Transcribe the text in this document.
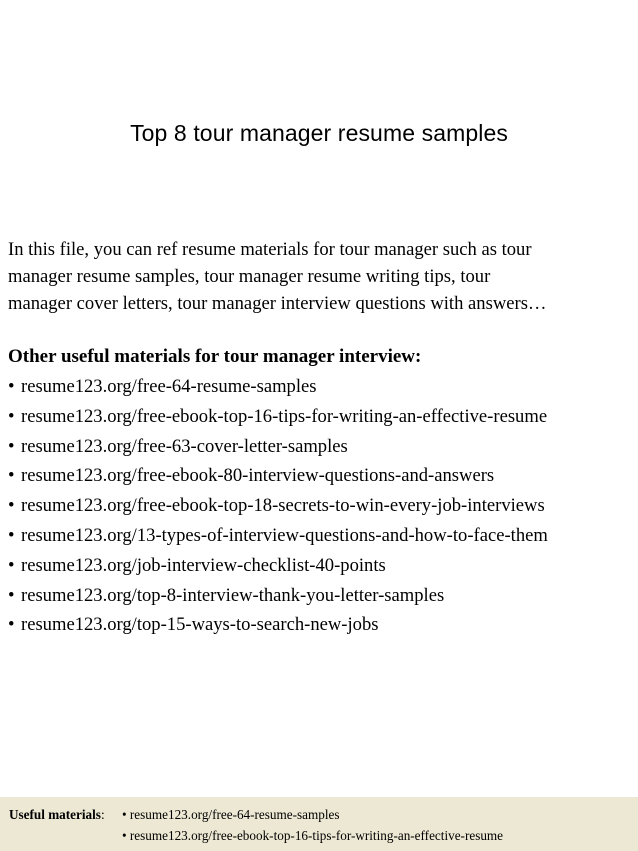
Top 8 tour manager resume samples
In this file, you can ref resume materials for tour manager such as tour
manager resume samples, tour manager resume writing tips, tour
manager cover letters, tour manager interview questions with answers…
Other useful materials for tour manager interview:
• resume123.org/free-64-resume-samples
• resume123.org/free-ebook-top-16-tips-for-writing-an-effective-resume
• resume123.org/free-63-cover-letter-samples
• resume123.org/free-ebook-80-interview-questions-and-answers
• resume123.org/free-ebook-top-18-secrets-to-win-every-job-interviews
• resume123.org/13-types-of-interview-questions-and-how-to-face-them
• resume123.org/job-interview-checklist-40-points
• resume123.org/top-8-interview-thank-you-letter-samples
• resume123.org/top-15-ways-to-search-new-jobs
Useful materials: • resume123.org/free-64-resume-samples
• resume123.org/free-ebook-top-16-tips-for-writing-an-effective-resume
